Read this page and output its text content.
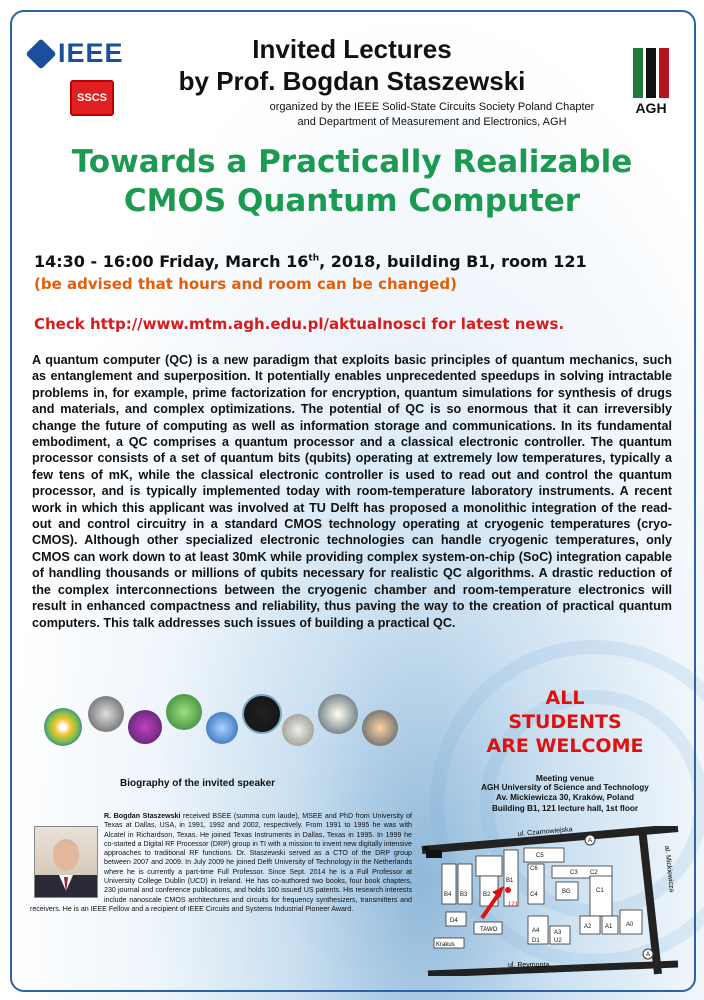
IEEE
SSCS
AGH
Invited Lectures
by Prof. Bogdan Staszewski
organized by the IEEE Solid-State Circuits Society Poland Chapter
and Department of Measurement and Electronics, AGH
Towards a Practically Realizable
CMOS Quantum Computer
14:30 - 16:00 Friday, March 16th, 2018, building B1, room 121
(be advised that hours and room can be changed)
Check http://www.mtm.agh.edu.pl/aktualnosci for latest news.
A quantum computer (QC) is a new paradigm that exploits basic principles of quantum mechanics, such as entanglement and superposition. It potentially enables unprecedented speedups in solving intractable problems in, for example, prime factorization for encryption, quantum simulations for synthesis of drugs and materials, and complex optimizations. The potential of QC is so enormous that it can irreversibly change the future of computing as well as information storage and communications. In its fundamental embodiment, a QC comprises a quantum processor and a classical electronic controller. The quantum processor consists of a set of quantum bits (qubits) operating at extremely low temperatures, typically a few tens of mK, while the classical electronic controller is used to read out and control the quantum processor, and is typically implemented today with room-temperature laboratory instruments. A recent work in which this applicant was involved at TU Delft has proposed a monolithic integration of the read-out and control circuitry in a standard CMOS technology operating at cryogenic temperatures (cryo-CMOS). Although other specialized electronic technologies can handle cryogenic temperatures, only CMOS can work down to at least 30mK while providing complex system-on-chip (SoC) integration capable of handling thousands or millions of qubits necessary for realistic QC algorithms. A drastic reduction of the complex interconnections between the cryogenic chamber and room-temperature electronics will result in enhanced compactness and reliability, thus paving the way to the creation of practical quantum computers. This talk addresses such issues of building a practical QC.
ALL
STUDENTS
ARE WELCOME
Biography of the invited speaker
R. Bogdan Staszewski received BSEE (summa cum laude), MSEE and PhD from University of Texas at Dallas, USA, in 1991, 1992 and 2002, respectively. From 1991 to 1995 he was with Alcatel in Richardson, Texas. He joined Texas Instruments in Dallas, Texas in 1995. In 1999 he co-started a Digital RF Processor (DRP) group in TI with a mission to invent new digitally intensive approaches to traditional RF functions. Dr. Staszewski served as a CTO of the DRP group between 2007 and 2009. In July 2009 he joined Delft University of Technology in the Netherlands where he is currently a part-time Full Professor. Since Sept. 2014 he is a Full Professor at University College Dublin (UCD) in Ireland. He has co-authored two books, four book chapters, 230 journal and conference publications, and holds 160 issued US patents. His research interests include nanoscale CMOS architectures and circuits for frequency synthesizers, transmitters and receivers. He is an IEEE Fellow and a recipient of IEEE Circuits and Systems Industrial Pioneer Award.
Meeting venue
AGH University of Science and Technology
Av. Mickiewicza 30, Kraków, Poland
Building B1, 121 lecture hall, 1st floor
ul. Czarnowiejska
ul. Reymonta
al. Mickiewicza
B4 B3	B2
B1
C5
C6
C3 C2
BG	C1
C4
A2 A1 A0
D4
A4 A3
D1 U2
TAWO
Krakus
121
A
A
